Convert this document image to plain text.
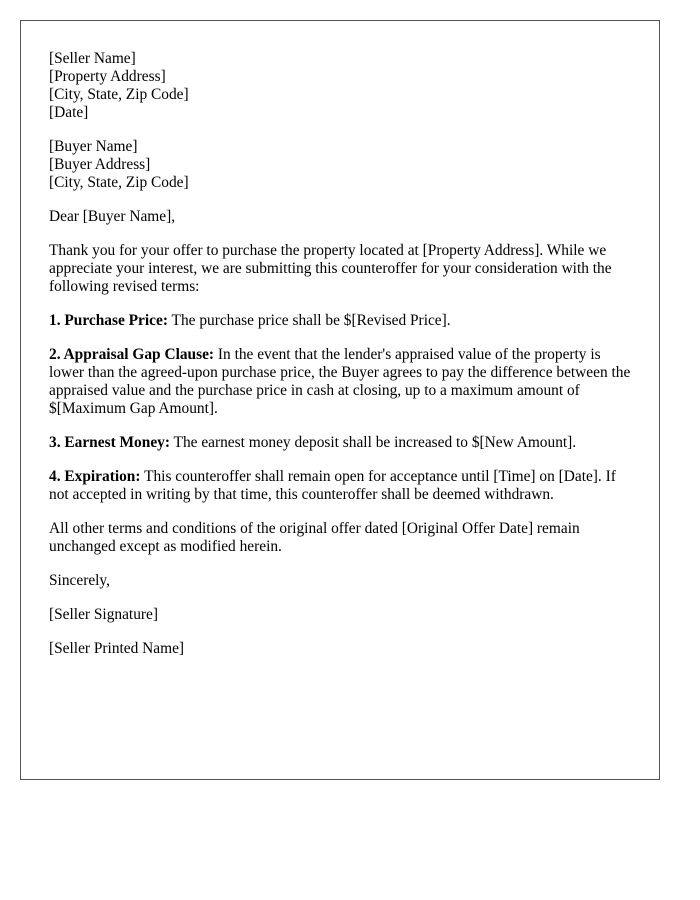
[Seller Name]
[Property Address]
[City, State, Zip Code]
[Date]
[Buyer Name]
[Buyer Address]
[City, State, Zip Code]

Dear [Buyer Name],

Thank you for your offer to purchase the property located at [Property Address]. While we appreciate your interest, we are submitting this counteroffer for your consideration with the following revised terms:

1. Purchase Price: The purchase price shall be $[Revised Price].

2. Appraisal Gap Clause: In the event that the lender's appraised value of the property is lower than the agreed-upon purchase price, the Buyer agrees to pay the difference between the appraised value and the purchase price in cash at closing, up to a maximum amount of $[Maximum Gap Amount].

3. Earnest Money: The earnest money deposit shall be increased to $[New Amount].

4. Expiration: This counteroffer shall remain open for acceptance until [Time] on [Date]. If not accepted in writing by that time, this counteroffer shall be deemed withdrawn.

All other terms and conditions of the original offer dated [Original Offer Date] remain unchanged except as modified herein.

Sincerely,

[Seller Signature]

[Seller Printed Name]
